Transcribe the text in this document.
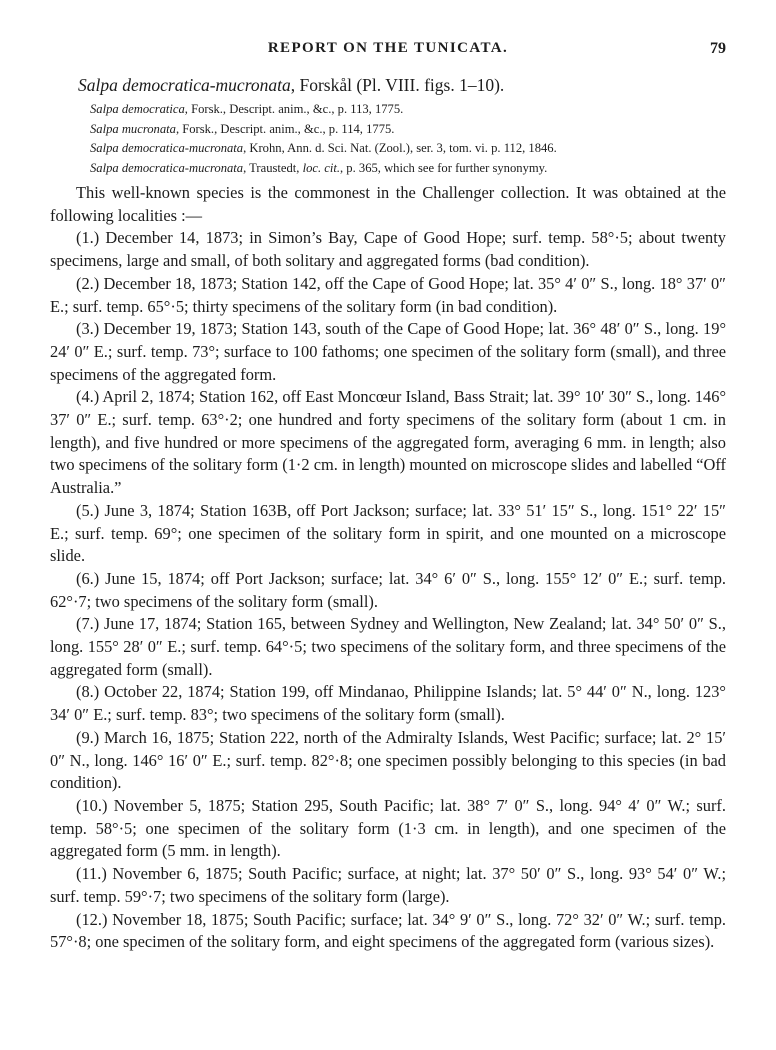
REPORT ON THE TUNICATA.	79
Salpa democratica-mucronata, Forskål (Pl. VIII. figs. 1–10).
Salpa democratica, Forsk., Descript. anim., &c., p. 113, 1775.
Salpa mucronata, Forsk., Descript. anim., &c., p. 114, 1775.
Salpa democratica-mucronata, Krohn, Ann. d. Sci. Nat. (Zool.), ser. 3, tom. vi. p. 112, 1846.
Salpa democratica-mucronata, Traustedt, loc. cit., p. 365, which see for further synonymy.

This well-known species is the commonest in the Challenger collection. It was obtained at the following localities :—

(1.) December 14, 1873; in Simon’s Bay, Cape of Good Hope; surf. temp. 58°·5; about twenty specimens, large and small, of both solitary and aggregated forms (bad condition).

(2.) December 18, 1873; Station 142, off the Cape of Good Hope; lat. 35° 4′ 0″ S., long. 18° 37′ 0″ E.; surf. temp. 65°·5; thirty specimens of the solitary form (in bad condition).

(3.) December 19, 1873; Station 143, south of the Cape of Good Hope; lat. 36° 48′ 0″ S., long. 19° 24′ 0″ E.; surf. temp. 73°; surface to 100 fathoms; one specimen of the solitary form (small), and three specimens of the aggregated form.

(4.) April 2, 1874; Station 162, off East Moncœur Island, Bass Strait; lat. 39° 10′ 30″ S., long. 146° 37′ 0″ E.; surf. temp. 63°·2; one hundred and forty specimens of the solitary form (about 1 cm. in length), and five hundred or more specimens of the aggregated form, averaging 6 mm. in length; also two specimens of the solitary form (1·2 cm. in length) mounted on microscope slides and labelled “Off Australia.”

(5.) June 3, 1874; Station 163B, off Port Jackson; surface; lat. 33° 51′ 15″ S., long. 151° 22′ 15″ E.; surf. temp. 69°; one specimen of the solitary form in spirit, and one mounted on a microscope slide.

(6.) June 15, 1874; off Port Jackson; surface; lat. 34° 6′ 0″ S., long. 155° 12′ 0″ E.; surf. temp. 62°·7; two specimens of the solitary form (small).

(7.) June 17, 1874; Station 165, between Sydney and Wellington, New Zealand; lat. 34° 50′ 0″ S., long. 155° 28′ 0″ E.; surf. temp. 64°·5; two specimens of the solitary form, and three specimens of the aggregated form (small).

(8.) October 22, 1874; Station 199, off Mindanao, Philippine Islands; lat. 5° 44′ 0″ N., long. 123° 34′ 0″ E.; surf. temp. 83°; two specimens of the solitary form (small).

(9.) March 16, 1875; Station 222, north of the Admiralty Islands, West Pacific; surface; lat. 2° 15′ 0″ N., long. 146° 16′ 0″ E.; surf. temp. 82°·8; one specimen possibly belonging to this species (in bad condition).

(10.) November 5, 1875; Station 295, South Pacific; lat. 38° 7′ 0″ S., long. 94° 4′ 0″ W.; surf. temp. 58°·5; one specimen of the solitary form (1·3 cm. in length), and one specimen of the aggregated form (5 mm. in length).

(11.) November 6, 1875; South Pacific; surface, at night; lat. 37° 50′ 0″ S., long. 93° 54′ 0″ W.; surf. temp. 59°·7; two specimens of the solitary form (large).

(12.) November 18, 1875; South Pacific; surface; lat. 34° 9′ 0″ S., long. 72° 32′ 0″ W.; surf. temp. 57°·8; one specimen of the solitary form, and eight specimens of the aggregated form (various sizes).
